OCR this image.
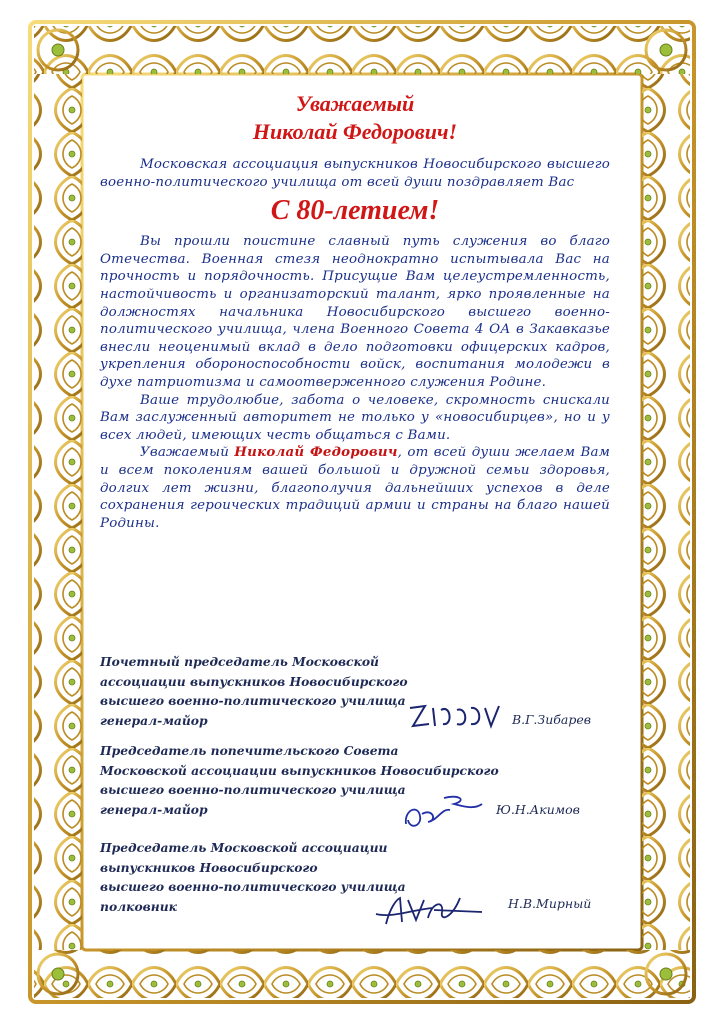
Уважаемый

Николай Федорович!

Московская ассоциация выпускников Новосибирского высшего военно-политического училища от всей души поздравляет Вас

С 80-летием!

Вы прошли поистине славный путь служения во благо Отечества. Военная стезя неоднократно испытывала Вас на прочность и порядочность. Присущие Вам целеустремленность, настойчивость и организаторский талант, ярко проявленные на должностях начальника Новосибирского высшего военно-политического училища, члена Военного Совета 4 ОА в Закавказье внесли неоценимый вклад в дело подготовки офицерских кадров, укрепления обороноспособности войск, воспитания молодежи в духе патриотизма и самоотверженного служения Родине.

Ваше трудолюбие, забота о человеке, скромность снискали Вам заслуженный авторитет не только у «новосибирцев», но и у всех людей, имеющих честь общаться с Вами.

Уважаемый Николай Федорович, от всей души желаем Вам и всем поколениям вашей большой и дружной семьи здоровья, долгих лет жизни, благополучия дальнейших успехов в деле сохранения героических традиций армии и страны на благо нашей Родины.

Почетный председатель Московской
ассоциации выпускников Новосибирского
высшего военно-политического училища
генерал-майор	В.Г.Зибарев
Председатель попечительского Совета
Московской ассоциации выпускников Новосибирского
высшего военно-политического училища
генерал-майор	Ю.Н.Акимов
Председатель Московской ассоциации
выпускников Новосибирского
высшего военно-политического училища
полковник	Н.В.Мирный
